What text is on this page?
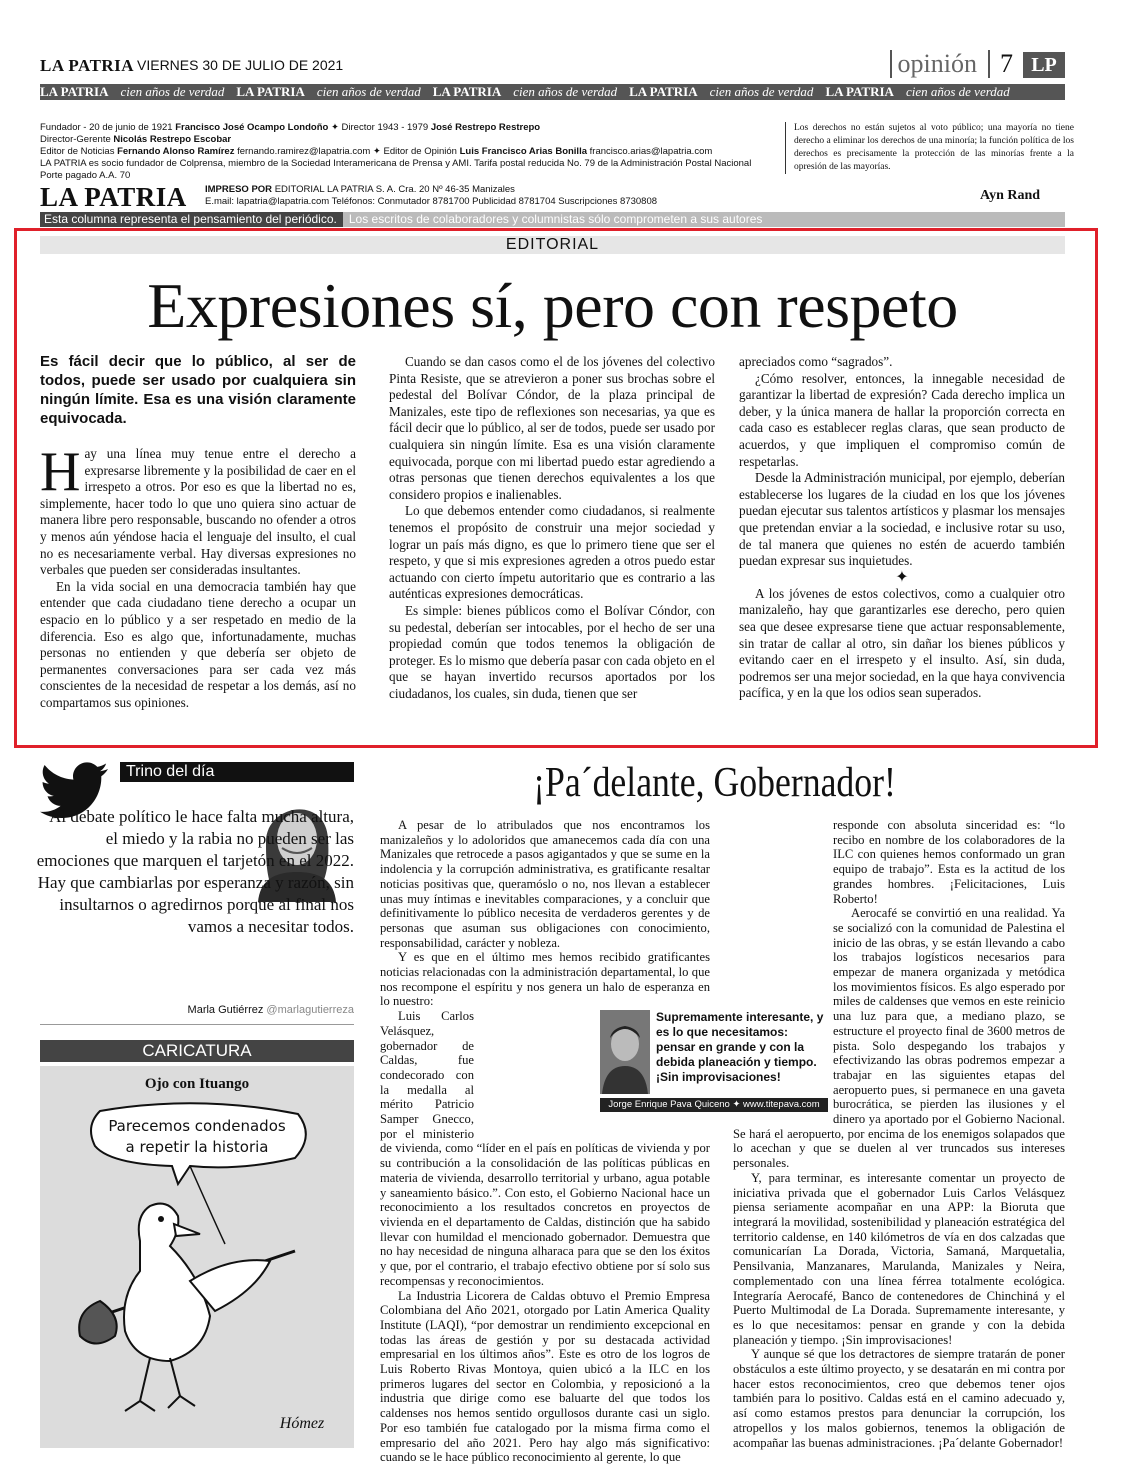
LA PATRIA VIERNES 30 DE JULIO DE 2021	opinión 7 LP
LA PATRIA cien años de verdad LA PATRIA cien años de verdad LA PATRIA cien años de verdad LA PATRIA cien años de verdad LA PATRIA cien años de verdad
Fundador - 20 de junio de 1921 Francisco José Ocampo Londoño ✦ Director 1943 - 1979 José Restrepo Restrepo
Director-Gerente Nicolás Restrepo Escobar
Editor de Noticias Fernando Alonso Ramírez fernando.ramirez@lapatria.com ✦ Editor de Opinión Luis Francisco Arias Bonilla francisco.arias@lapatria.com
LA PATRIA es socio fundador de Colprensa, miembro de la Sociedad Interamericana de Prensa y AMI. Tarifa postal reducida No. 79 de la Administración Postal Nacional Porte pagado A.A. 70
LA PATRIA IMPRESO POR EDITORIAL LA PATRIA S. A. Cra. 20 Nº 46-35 Manizales
E.mail: lapatria@lapatria.com Teléfonos: Conmutador 8781700 Publicidad 8781704 Suscripciones 8730808
Los derechos no están sujetos al voto público; una mayoría no tiene derecho a eliminar los derechos de una minoría; la función política de los derechos es precisamente la protección de las minorías frente a la opresión de las mayorías.
Ayn Rand
Esta columna representa el pensamiento del periódico. Los escritos de colaboradores y columnistas sólo comprometen a sus autores
EDITORIAL
Expresiones sí, pero con respeto
Es fácil decir que lo público, al ser de todos, puede ser usado por cualquiera sin ningún límite. Esa es una visión claramente equivocada.

Hay una línea muy tenue entre el derecho a expresarse libremente y la posibilidad de caer en el irrespeto a otros. Por eso es que la libertad no es, simplemente, hacer todo lo que uno quiera sino actuar de manera libre pero responsable, buscando no ofender a otros y menos aún yéndose hacia el lenguaje del insulto, el cual no es necesariamente verbal. Hay diversas expresiones no verbales que pueden ser consideradas insultantes.

En la vida social en una democracia también hay que entender que cada ciudadano tiene derecho a ocupar un espacio en lo público y a ser respetado en medio de la diferencia. Eso es algo que, infortunadamente, muchas personas no entienden y que debería ser objeto de permanentes conversaciones para ser cada vez más conscientes de la necesidad de respetar a los demás, así no compartamos sus opiniones.

Cuando se dan casos como el de los jóvenes del colectivo Pinta Resiste, que se atrevieron a poner sus brochas sobre el pedestal del Bolívar Cóndor, de la plaza principal de Manizales, este tipo de reflexiones son necesarias, ya que es fácil decir que lo público, al ser de todos, puede ser usado por cualquiera sin ningún límite. Esa es una visión claramente equivocada, porque con mi libertad puedo estar agrediendo a otras personas que tienen derechos equivalentes a los que considero propios e inalienables.

Lo que debemos entender como ciudadanos, si realmente tenemos el propósito de construir una mejor sociedad y lograr un país más digno, es que lo primero tiene que ser el respeto, y que si mis expresiones agreden a otros puedo estar actuando con cierto ímpetu autoritario que es contrario a las auténticas expresiones democráticas.

Es simple: bienes públicos como el Bolívar Cóndor, con su pedestal, deberían ser intocables, por el hecho de ser una propiedad común que todos tenemos la obligación de proteger. Es lo mismo que debería pasar con cada objeto en el que se hayan invertido recursos aportados por los ciudadanos, los cuales, sin duda, tienen que ser

apreciados como “sagrados”.

¿Cómo resolver, entonces, la innegable necesidad de garantizar la libertad de expresión? Cada derecho implica un deber, y la única manera de hallar la proporción correcta en cada caso es establecer reglas claras, que sean producto de acuerdos, y que impliquen el compromiso común de respetarlas.

Desde la Administración municipal, por ejemplo, deberían establecerse los lugares de la ciudad en los que los jóvenes puedan ejecutar sus talentos artísticos y plasmar los mensajes que pretendan enviar a la sociedad, e inclusive rotar su uso, de tal manera que quienes no estén de acuerdo también puedan expresar sus inquietudes.

✦

A los jóvenes de estos colectivos, como a cualquier otro manizaleño, hay que garantizarles ese derecho, pero quien sea que desee expresarse tiene que actuar responsablemente, sin tratar de callar al otro, sin dañar los bienes públicos y evitando caer en el irrespeto y el insulto. Así, sin duda, podremos ser una mejor sociedad, en la que haya convivencia pacífica, y en la que los odios sean superados.

Trino del día
Al debate político le hace falta mucha altura, el miedo y la rabia no pueden ser las emociones que marquen el tarjetón en el 2022. Hay que cambiarlas por esperanza y razón, sin insultarnos o agredirnos porque al final nos vamos a necesitar todos.
Marla Gutiérrez @marlagutierreza
CARICATURA
Ojo con Ituango
Parecemos condenados
a repetir la historia
Hómez
¡Pa´delante, Gobernador!

A pesar de lo atribulados que nos encontramos los manizaleños y lo adoloridos que amanecemos cada día con una Manizales que retrocede a pasos agigantados y que se sume en la indolencia y la corrupción administrativa, es gratificante resaltar noticias positivas que, queramóslo o no, nos llevan a establecer unas muy íntimas e inevitables comparaciones, y a concluir que definitivamente lo público necesita de verdaderos gerentes y de personas que asuman sus obligaciones con conocimiento, responsabilidad, carácter y nobleza.

Y es que en el último mes hemos recibido gratificantes noticias relacionadas con la administración departamental, lo que nos recompone el espíritu y nos genera un halo de esperanza en lo nuestro:

Luis Carlos Velásquez, gobernador de Caldas, fue condecorado con la medalla al mérito Patricio Samper Gnecco, por el ministerio de vivienda, como “líder en el país en políticas de vivienda y por su contribución a la consolidación de las políticas públicas en materia de vivienda, desarrollo territorial y urbano, agua potable y saneamiento básico.”. Con esto, el Gobierno Nacional hace un reconocimiento a los resultados concretos en proyectos de vivienda en el departamento de Caldas, distinción que ha sabido llevar con humildad el mencionado gobernador. Demuestra que no hay necesidad de ninguna alharaca para que se den los éxitos y que, por el contrario, el trabajo efectivo obtiene por sí solo sus recompensas y reconocimientos.

La Industria Licorera de Caldas obtuvo el Premio Empresa Colombiana del Año 2021, otorgado por Latin America Quality Institute (LAQI), “por demostrar un rendimiento excepcional en todas las áreas de gestión y por su destacada actividad empresarial en los últimos años”. Este es otro de los logros de Luis Roberto Rivas Montoya, quien ubicó a la ILC en los primeros lugares del sector en Colombia, y reposicionó a la industria que dirige como ese baluarte del que todos los caldenses nos hemos sentido orgullosos durante casi un siglo. Por eso también fue catalogado por la misma firma como el empresario del año 2021. Pero hay algo más significativo: cuando se le hace público reconocimiento al gerente, lo que

responde con absoluta sinceridad es: “lo recibo en nombre de los colaboradores de la ILC con quienes hemos conformado un gran equipo de trabajo”. Esta es la actitud de los grandes hombres. ¡Felicitaciones, Luis Roberto!

Aerocafé se convirtió en una realidad. Ya se socializó con la comunidad de Palestina el inicio de las obras, y se están llevando a cabo los trabajos logísticos necesarios para empezar de manera organizada y metódica los movimientos físicos. Es algo esperado por miles de caldenses que vemos en este reinicio una luz para que, a mediano plazo, se estructure el proyecto final de 3600 metros de pista. Solo despegando los trabajos y efectivizando las obras podremos empezar a trabajar en las siguientes etapas del aeropuerto pues, si permanece en una gaveta burocrática, se pierden las ilusiones y el dinero ya aportado por el Gobierno Nacional. Se hará el aeropuerto, por encima de los enemigos solapados que lo acechan y que se duelen al ver truncados sus intereses personales.

Y, para terminar, es interesante comentar un proyecto de iniciativa privada que el gobernador Luis Carlos Velásquez piensa seriamente acompañar en una APP: la Bioruta que integrará la movilidad, sostenibilidad y planeación estratégica del territorio caldense, en 140 kilómetros de vía en dos calzadas que comunicarían La Dorada, Victoria, Samaná, Marquetalia, Pensilvania, Manzanares, Marulanda, Manizales y Neira, complementado con una línea férrea totalmente ecológica. Integraría Aerocafé, Banco de contenedores de Chinchiná y el Puerto Multimodal de La Dorada. Supremamente interesante, y es lo que necesitamos: pensar en grande y con la debida planeación y tiempo. ¡Sin improvisaciones!

Y aunque sé que los detractores de siempre tratarán de poner obstáculos a este último proyecto, y se desatarán en mi contra por hacer estos reconocimientos, creo que debemos tener ojos también para lo positivo. Caldas está en el camino adecuado y, así como estamos prestos para denunciar la corrupción, los atropellos y los malos gobiernos, tenemos la obligación de acompañar las buenas administraciones. ¡Pa´delante Gobernador!

Supremamente interesante, y es lo que necesitamos: pensar en grande y con la debida planeación y tiempo. ¡Sin improvisaciones!
Jorge Enrique Pava Quiceno ✦ www.titepava.com
